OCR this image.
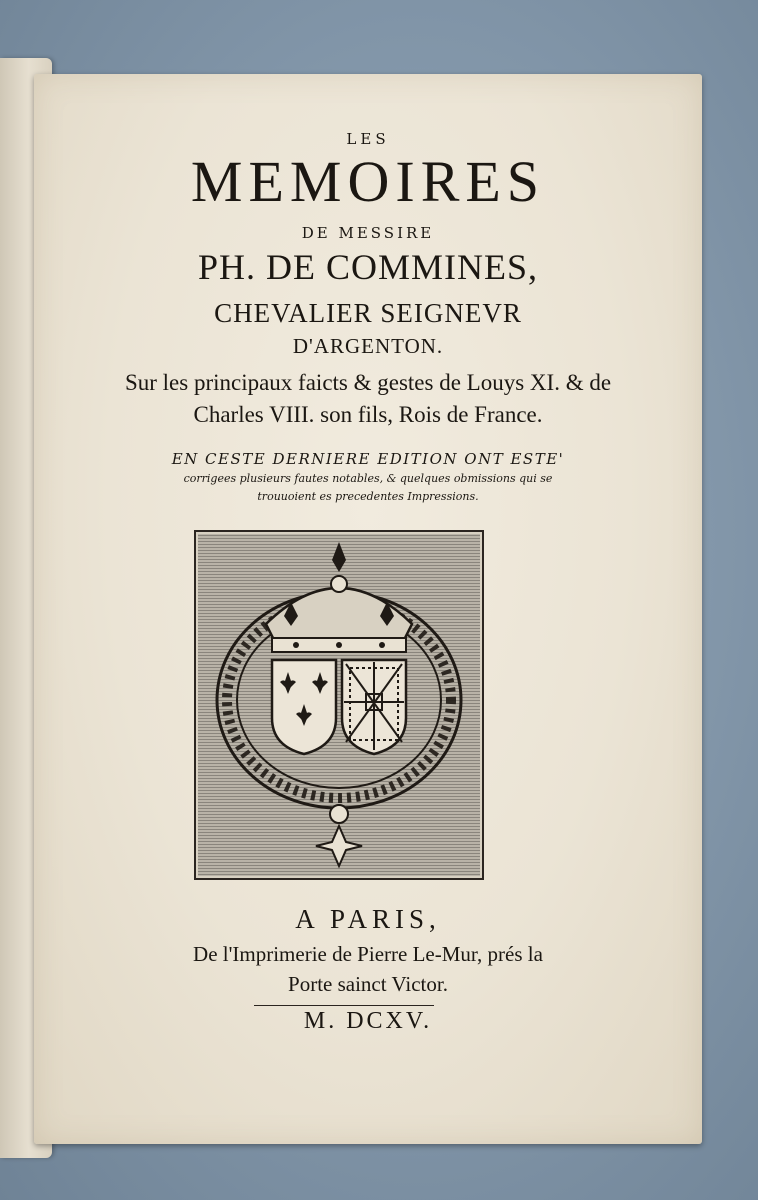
LES
MEMOIRES
DE MESSIRE
PH. DE COMMINES,
CHEVALIER SEIGNEVR
D'ARGENTON.
Sur les principaux faicts & gestes de Louys XI. & de
Charles VIII. son fils, Rois de France.
EN CESTE DERNIERE EDITION ONT ESTE'
corrigees plusieurs fautes notables, & quelques obmissions qui se
trouuoient es precedentes Impressions.
A PARIS,
De l'Imprimerie de Pierre Le-Mur, prés la
Porte sainct Victor.
M. DCXV.
